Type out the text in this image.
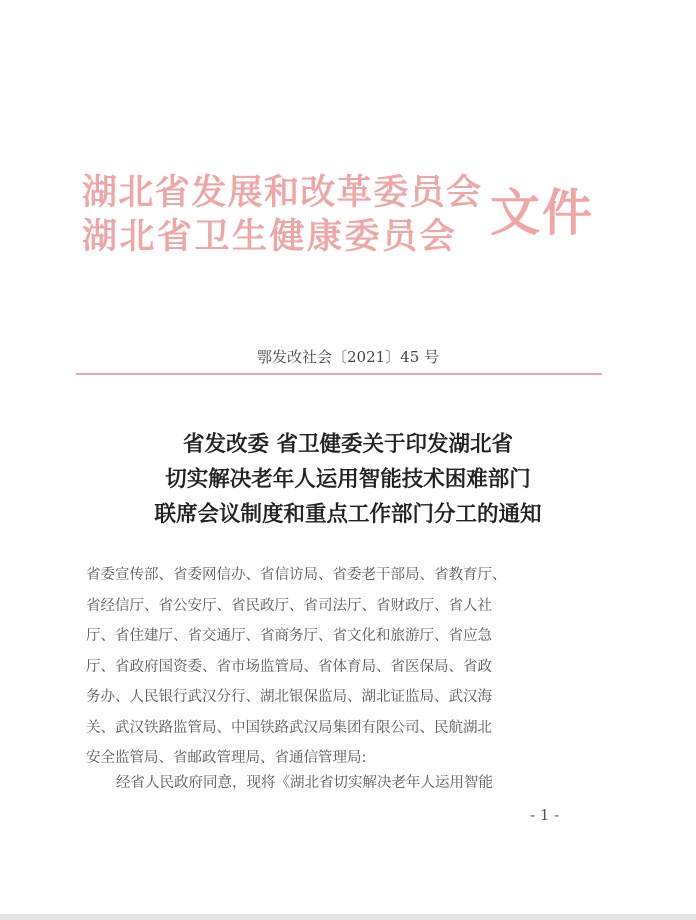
湖北省发展和改革委员会
湖北省卫生健康委员会 文件
鄂发改社会〔2021〕45 号
省发改委 省卫健委关于印发湖北省
切实解决老年人运用智能技术困难部门
联席会议制度和重点工作部门分工的通知
省委宣传部、省委网信办、省信访局、省委老干部局、省教育厅、
省经信厅、省公安厅、省民政厅、省司法厅、省财政厅、省人社
厅、省住建厅、省交通厅、省商务厅、省文化和旅游厅、省应急
厅、省政府国资委、省市场监管局、省体育局、省医保局、省政
务办、人民银行武汉分行、湖北银保监局、湖北证监局、武汉海
关、武汉铁路监管局、中国铁路武汉局集团有限公司、民航湖北
安全监管局、省邮政管理局、省通信管理局:
经省人民政府同意，现将《湖北省切实解决老年人运用智能
- 1 -
